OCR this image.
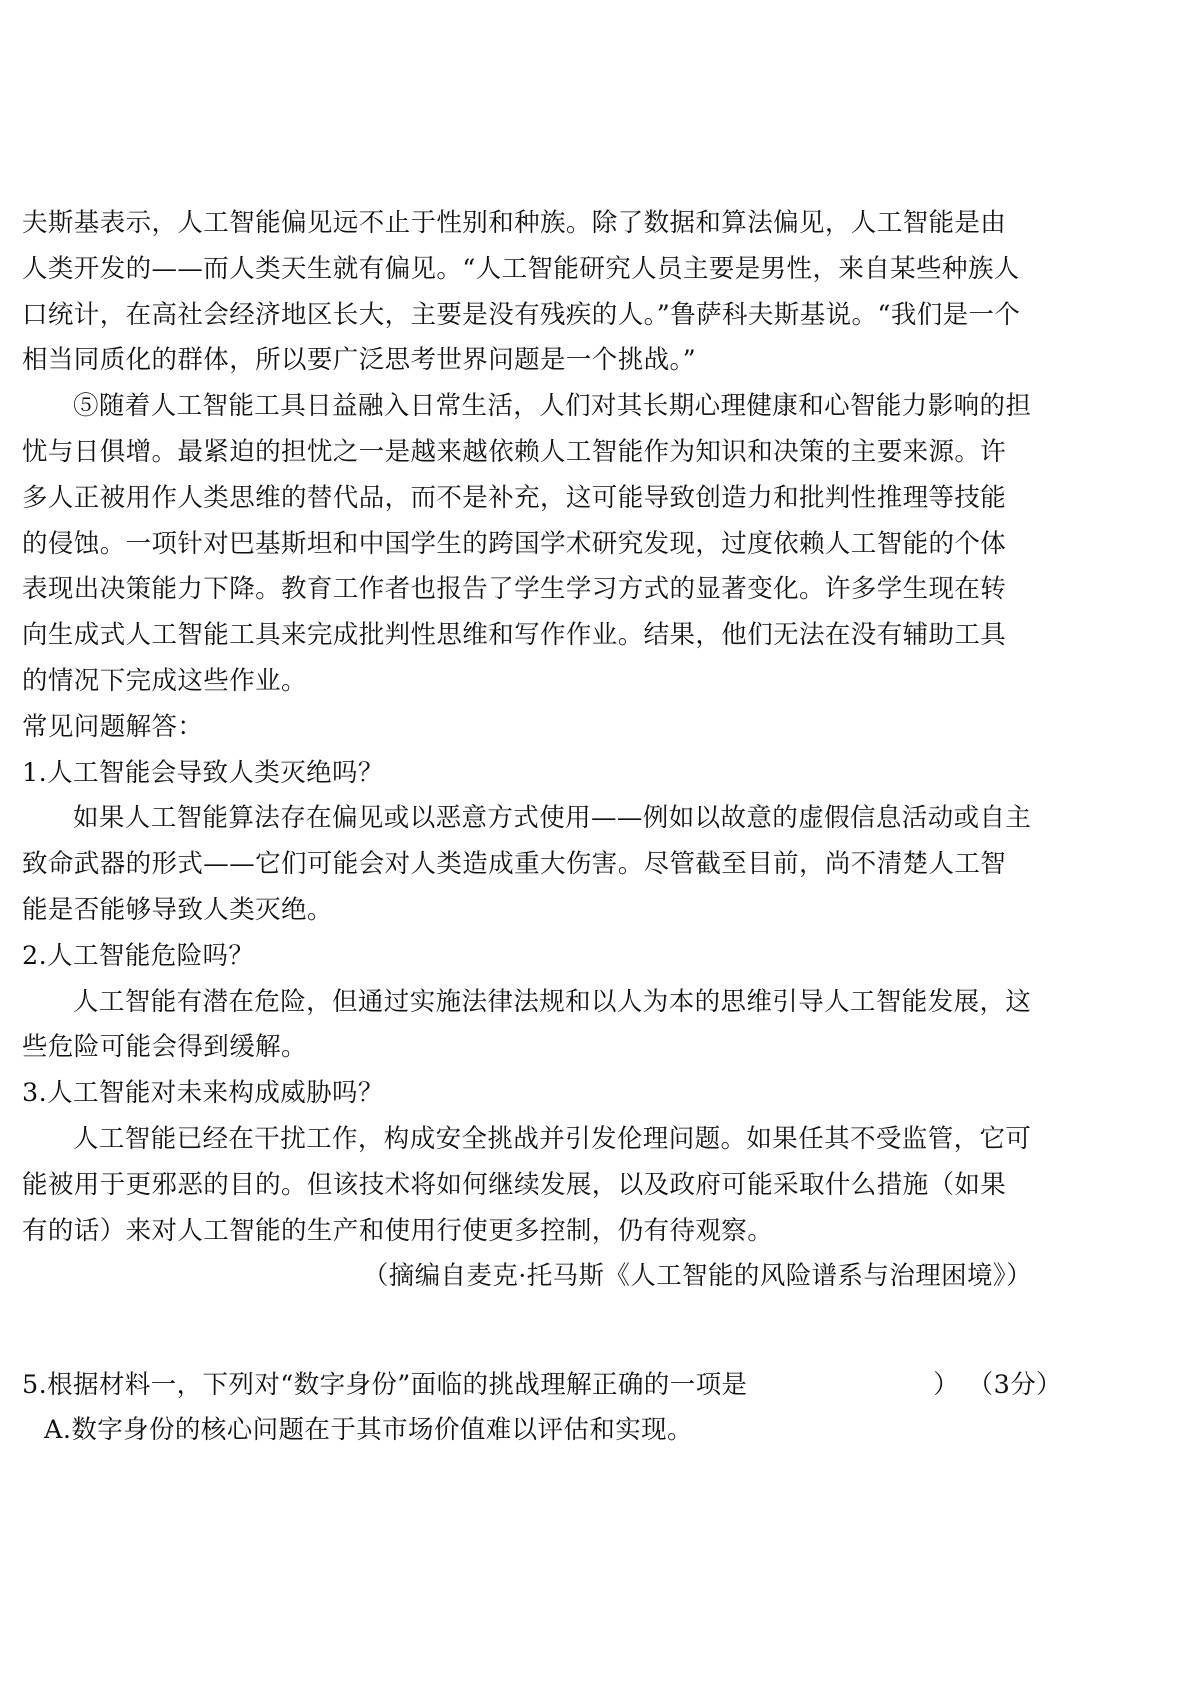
夫斯基表示，人工智能偏见远不止于性别和种族。除了数据和算法偏见，人工智能是由人类开发的——而人类天生就有偏见。“人工智能研究人员主要是男性，来自某些种族人口统计，在高社会经济地区长大，主要是没有残疾的人。”鲁萨科夫斯基说。“我们是一个相当同质化的群体，所以要广泛思考世界问题是一个挑战。”

⑤随着人工智能工具日益融入日常生活，人们对其长期心理健康和心智能力影响的担忧与日俱增。最紧迫的担忧之一是越来越依赖人工智能作为知识和决策的主要来源。许多人正被用作人类思维的替代品，而不是补充，这可能导致创造力和批判性推理等技能的侵蚀。一项针对巴基斯坦和中国学生的跨国学术研究发现，过度依赖人工智能的个体表现出决策能力下降。教育工作者也报告了学生学习方式的显著变化。许多学生现在转向生成式人工智能工具来完成批判性思维和写作作业。结果，他们无法在没有辅助工具的情况下完成这些作业。

常见问题解答：

1.人工智能会导致人类灭绝吗？

如果人工智能算法存在偏见或以恶意方式使用——例如以故意的虚假信息活动或自主致命武器的形式——它们可能会对人类造成重大伤害。尽管截至目前，尚不清楚人工智能是否能够导致人类灭绝。

2.人工智能危险吗？

人工智能有潜在危险，但通过实施法律法规和以人为本的思维引导人工智能发展，这些危险可能会得到缓解。

3.人工智能对未来构成威胁吗？

人工智能已经在干扰工作，构成安全挑战并引发伦理问题。如果任其不受监管，它可能被用于更邪恶的目的。但该技术将如何继续发展，以及政府可能采取什么措施（如果有的话）来对人工智能的生产和使用行使更多控制，仍有待观察。

（摘编自麦克·托马斯《人工智能的风险谱系与治理困境》）

5.根据材料一，下列对“数字身份”面临的挑战理解正确的一项是	） （3分）

A.数字身份的核心问题在于其市场价值难以评估和实现。
